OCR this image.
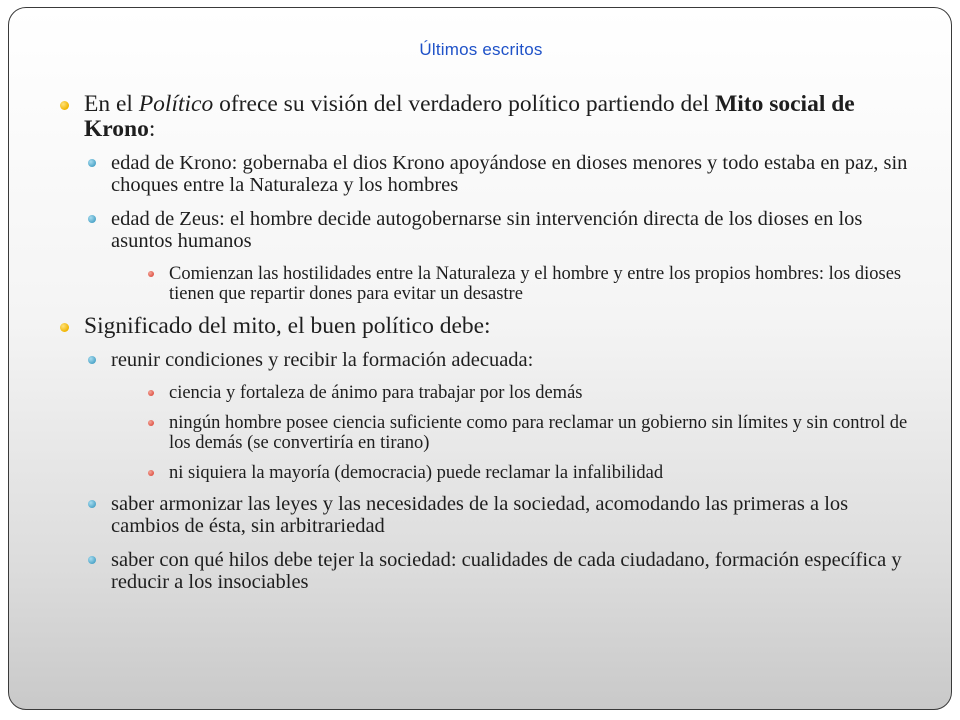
Últimos escritos
En el Político ofrece su visión del verdadero político partiendo del Mito social de Krono:
edad de Krono: gobernaba el dios Krono apoyándose en dioses menores y todo estaba en paz, sin choques entre la Naturaleza y los hombres
edad de Zeus: el hombre decide autogobernarse sin intervención directa de los dioses en los asuntos humanos
Comienzan las hostilidades entre la Naturaleza y el hombre y entre los propios hombres: los dioses tienen que repartir dones para evitar un desastre
Significado del mito, el buen político debe:
reunir condiciones y recibir la formación adecuada:
ciencia y fortaleza de ánimo para trabajar por los demás
ningún hombre posee ciencia suficiente como para reclamar un gobierno sin límites y sin control de los demás (se convertiría en tirano)
ni siquiera la mayoría (democracia) puede reclamar la infalibilidad
saber armonizar las leyes y las necesidades de la sociedad, acomodando las primeras a los cambios de ésta, sin arbitrariedad
saber con qué hilos debe tejer la sociedad: cualidades de cada ciudadano, formación específica y reducir a los insociables
